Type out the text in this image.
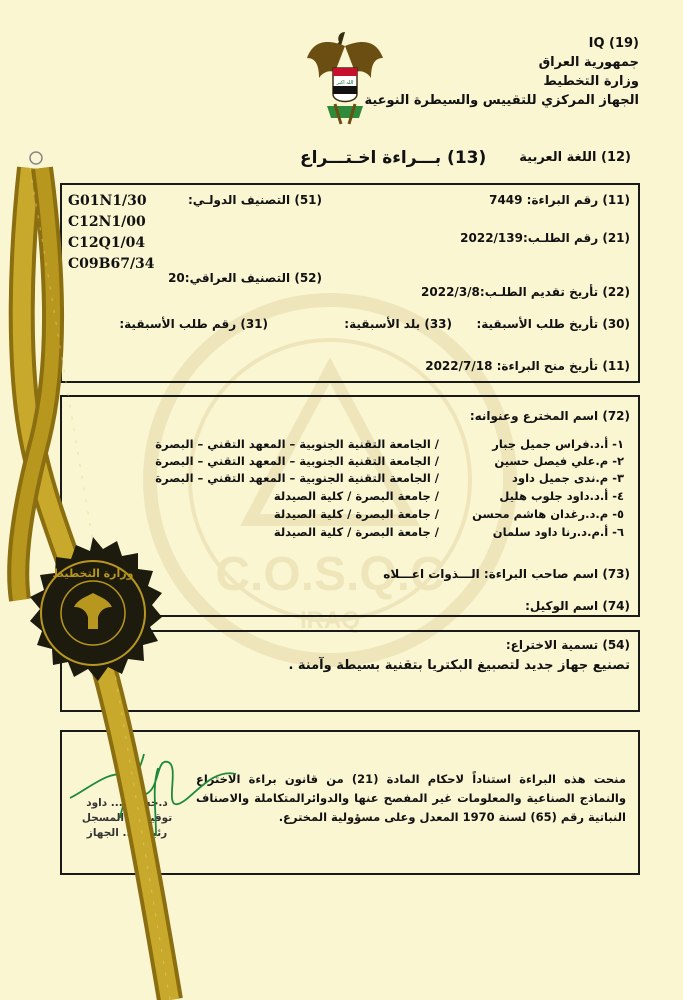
C.O.S.Q.C
IRAQ
IQ (19)
جمهورية العراق
وزارة التخطيط
الجهاز المركزي للتقييس والسيطرة النوعية
الله اكبر
(12) اللغة العربية
(13) بـــراءة اخـتـــراع
G01N1/30
C12N1/00
C12Q1/04
C09B67/34
(51) التصنيف الدولـي:	(11) رقم البراءة: 7449
(21) رقم الطلـب:2022/139
(52) التصنيف العراقي:20
(22) تأريخ تقديم الطلـب:2022/3/8
(30) تأريخ طلب الأسبقية:
(33) بلد الأسبقية:
(31) رقم طلب الأسبقية:
(11) تأريخ منح البراءة: 2022/7/18
(72) اسم المخترع وعنوانه:
١- أ.د.فراس جميل جبار
/ الجامعة التقنية الجنوبية – المعهد التقني – البصرة
٢- م.علي فيصل حسين
/ الجامعة التقنية الجنوبية – المعهد التقني – البصرة
٣- م.ندى جميل داود
/ الجامعة التقنية الجنوبية – المعهد التقني – البصرة
٤- أ.د.داود جلوب هليل
/ جامعة البصرة / كلية الصيدلة
٥- م.د.رغدان هاشم محسن
/ جامعة البصرة / كلية الصيدلة
٦- أ.م.د.رنا داود سلمان
/ جامعة البصرة / كلية الصيدلة
(73) اسم صاحب البراءة: الـــذوات اعـــلاه
(74) اسم الوكيل:
(54) تسمية الاختراع:
تصنيع جهاز جديد لتصبيغ البكتريا بتقنية بسيطة وآمنة .
منحت هذه البراءة استناداً لاحكام المادة (21) من قانون براءة الاختراع والنماذج الصناعية والمعلومات غير المفصح عنها والدوائرالمتكاملة والاصناف النباتية رقم (65) لسنة 1970 المعدل وعلى مسؤولية المخترع.
د.حسين ... داود
توقيع ... المسجل
رئيس ... الجهاز
وزارة التخطيط
